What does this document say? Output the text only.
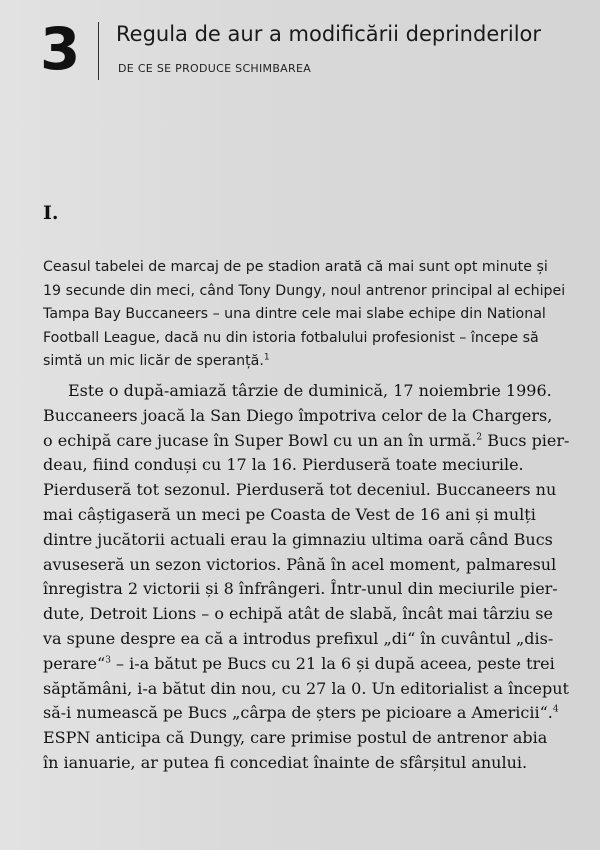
3 Regula de aur a modificării deprinderilor
DE CE SE PRODUCE SCHIMBAREA
I.
Ceasul tabelei de marcaj de pe stadion arată că mai sunt opt minute și
19 secunde din meci, când Tony Dungy, noul antrenor principal al echipei
Tampa Bay Buccaneers – una dintre cele mai slabe echipe din National
Football League, dacă nu din istoria fotbalului profesionist – începe să
simtă un mic licăr de speranță.$^1$
Este o după-amiază târzie de duminică, 17 noiembrie 1996.
Buccaneers joacă la San Diego împotriva celor de la Chargers,
o echipă care jucase în Super Bowl cu un an în urmă.$^2$ Bucs pier-
deau, fiind conduși cu 17 la 16. Pierduseră toate meciurile.
Pierduseră tot sezonul. Pierduseră tot deceniul. Buccaneers nu
mai câștigaseră un meci pe Coasta de Vest de 16 ani și mulți
dintre jucătorii actuali erau la gimnaziu ultima oară când Bucs
avuseseră un sezon victorios. Până în acel moment, palmaresul
înregistra 2 victorii și 8 înfrângeri. Într-unul din meciurile pier-
dute, Detroit Lions – o echipă atât de slabă, încât mai târziu se
va spune despre ea că a introdus prefixul „di“ în cuvântul „dis-
perare“$^3$ – i-a bătut pe Bucs cu 21 la 6 și după aceea, peste trei
săptămâni, i-a bătut din nou, cu 27 la 0. Un editorialist a început
să-i numească pe Bucs „cârpa de șters pe picioare a Americii“.$^4$
ESPN anticipa că Dungy, care primise postul de antrenor abia
în ianuarie, ar putea fi concediat înainte de sfârșitul anului.
